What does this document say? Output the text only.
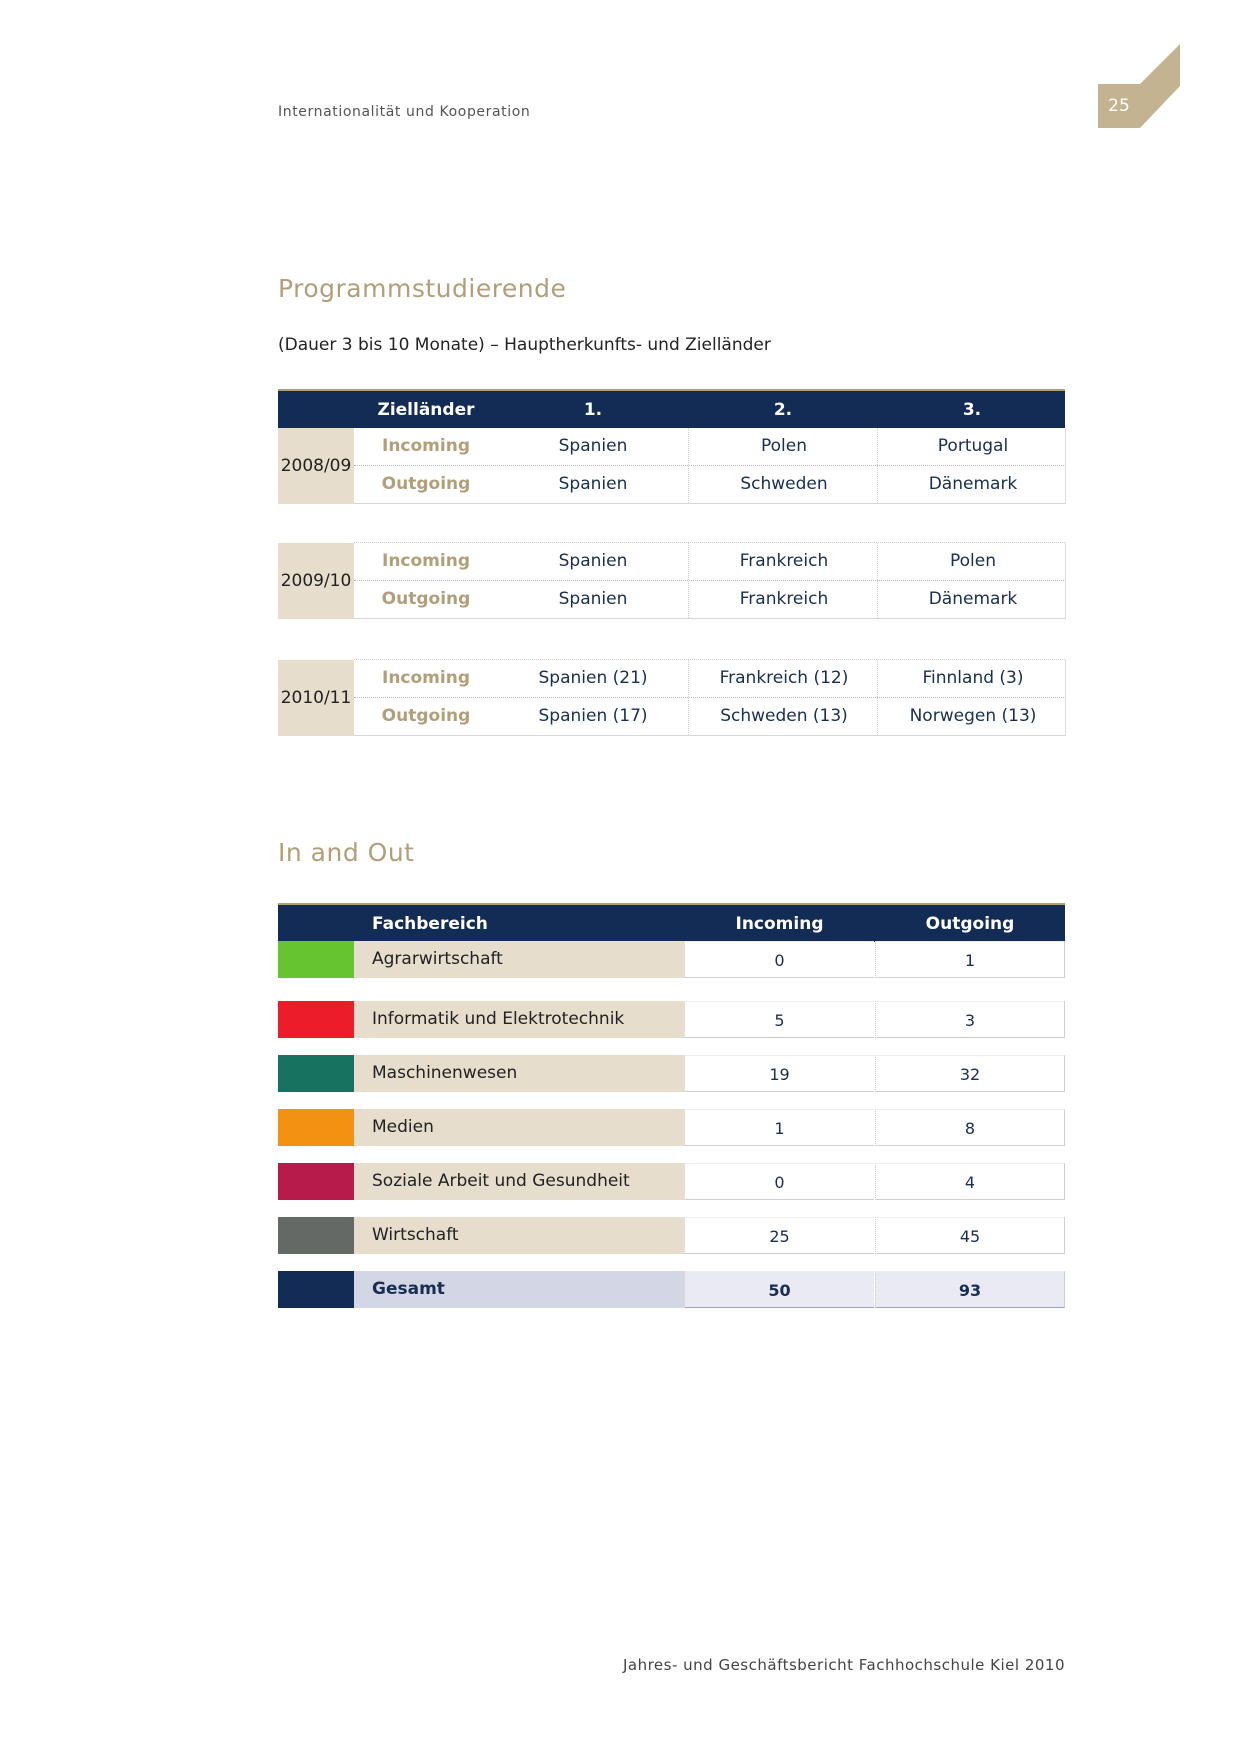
Internationalität und Kooperation	25
Programmstudierende
(Dauer 3 bis 10 Monate) – Hauptherkunfts- und Zielländer
Zielländer	1.	2.	3.
2008/09
Incoming	Spanien	Polen	Portugal
Outgoing	Spanien	Schweden	Dänemark
2009/10
Incoming	Spanien	Frankreich	Polen
Outgoing	Spanien	Frankreich	Dänemark
2010/11
Incoming	Spanien (21)	Frankreich (12)	Finnland (3)
Outgoing	Spanien (17)	Schweden (13)	Norwegen (13)
In and Out
Fachbereich	Incoming	Outgoing
Agrarwirtschaft	0	1
Informatik und Elektrotechnik	5	3
Maschinenwesen	19	32
Medien	1	8
Soziale Arbeit und Gesundheit	0	4
Wirtschaft	25	45
Gesamt	50	93
Jahres- und Geschäftsbericht Fachhochschule Kiel 2010
